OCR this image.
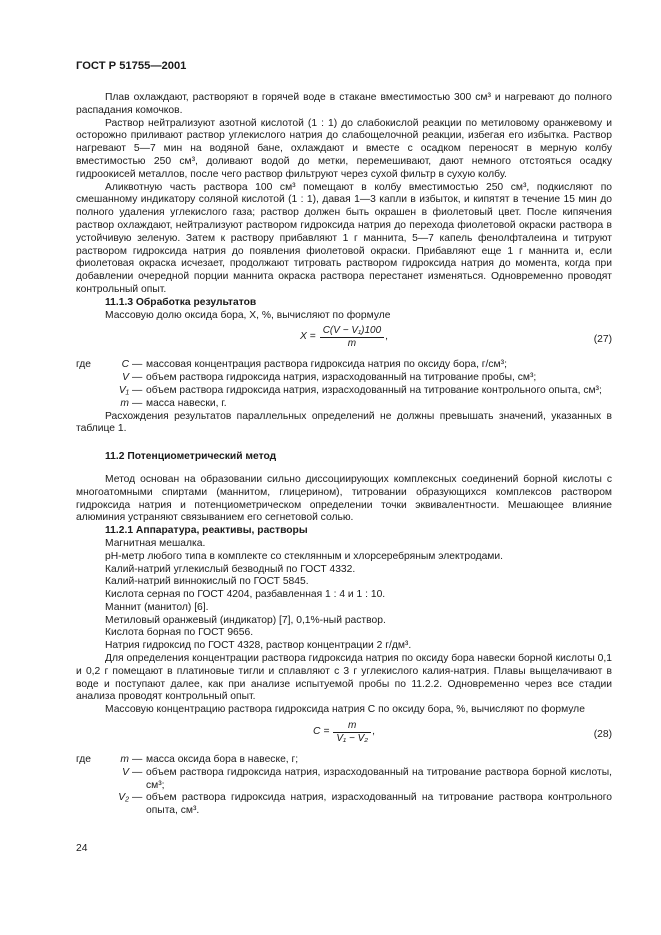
ГОСТ Р 51755—2001

Плав охлаждают, растворяют в горячей воде в стакане вместимостью 300 см³ и нагревают до полного распадания комочков.

Раствор нейтрализуют азотной кислотой (1 : 1) до слабокислой реакции по метиловому оранжевому и осторожно приливают раствор углекислого натрия до слабощелочной реакции, избегая его избытка. Раствор нагревают 5—7 мин на водяной бане, охлаждают и вместе с осадком переносят в мерную колбу вместимостью 250 см³, доливают водой до метки, перемешивают, дают немного отстояться осадку гидроокисей металлов, после чего раствор фильтруют через сухой фильтр в сухую колбу.

Аликвотную часть раствора 100 см³ помещают в колбу вместимостью 250 см³, подкисляют по смешанному индикатору соляной кислотой (1 : 1), давая 1—3 капли в избыток, и кипятят в течение 15 мин до полного удаления углекислого газа; раствор должен быть окрашен в фиолетовый цвет. После кипячения раствор охлаждают, нейтрализуют раствором гидроксида натрия до перехода фиолетовой окраски раствора в устойчивую зеленую. Затем к раствору прибавляют 1 г маннита, 5—7 капель фенолфталеина и титруют раствором гидроксида натрия до появления фиолетовой окраски. Прибавляют еще 1 г маннита и, если фиолетовая окраска исчезает, продолжают титровать раствором гидроксида натрия до момента, когда при добавлении очередной порции маннита окраска раствора перестанет изменяться. Одновременно проводят контрольный опыт.

11.1.3 Обработка результатов

Массовую долю оксида бора, X, %, вычисляют по формуле

$X = \frac{\text{C(V − V₁)100}}{m}$ ,	(27)
где	C	—	массовая концентрация раствора гидроксида натрия по оксиду бора, г/см³;
	V	—	объем раствора гидроксида натрия, израсходованный на титрование пробы, см³;
	V₁	—	объем раствора гидроксида натрия, израсходованный на титрование контрольного опыта, см³;
	m	—	масса навески, г.

Расхождения результатов параллельных определений не должны превышать значений, указанных в таблице 1.

11.2 Потенциометрический метод

Метод основан на образовании сильно диссоциирующих комплексных соединений борной кислоты с многоатомными спиртами (маннитом, глицерином), титровании образующихся комплексов раствором гидроксида натрия и потенциометрическом определении точки эквивалентности. Мешающее влияние алюминия устраняют связыванием его сегнетовой солью.

11.2.1 Аппаратура, реактивы, растворы

Магнитная мешалка.

pH-метр любого типа в комплекте со стеклянным и хлорсеребряным электродами.

Калий-натрий углекислый безводный по ГОСТ 4332.

Калий-натрий виннокислый по ГОСТ 5845.

Кислота серная по ГОСТ 4204, разбавленная 1 : 4 и 1 : 10.

Маннит (манитол) [6].

Метиловый оранжевый (индикатор) [7], 0,1%-ный раствор.

Кислота борная по ГОСТ 9656.

Натрия гидроксид по ГОСТ 4328, раствор концентрации 2 г/дм³.

Для определения концентрации раствора гидроксида натрия по оксиду бора навески борной кислоты 0,1 и 0,2 г помещают в платиновые тигли и сплавляют с 3 г углекислого калия-натрия. Плавы выщелачивают в воде и поступают далее, как при анализе испытуемой пробы по 11.2.2. Одновременно через все стадии анализа проводят контрольный опыт.

Массовую концентрацию раствора гидроксида натрия C по оксиду бора, %, вычисляют по формуле

$C = \frac{m}{\text{V₁ − V₂}}$ ,	(28)
где	m	—	масса оксида бора в навеске, г;
	V	—	объем раствора гидроксида натрия, израсходованный на титрование раствора борной кислоты, см³;
	V₂	—	объем раствора гидроксида натрия, израсходованный на титрование раствора контрольного опыта, см³.
24
